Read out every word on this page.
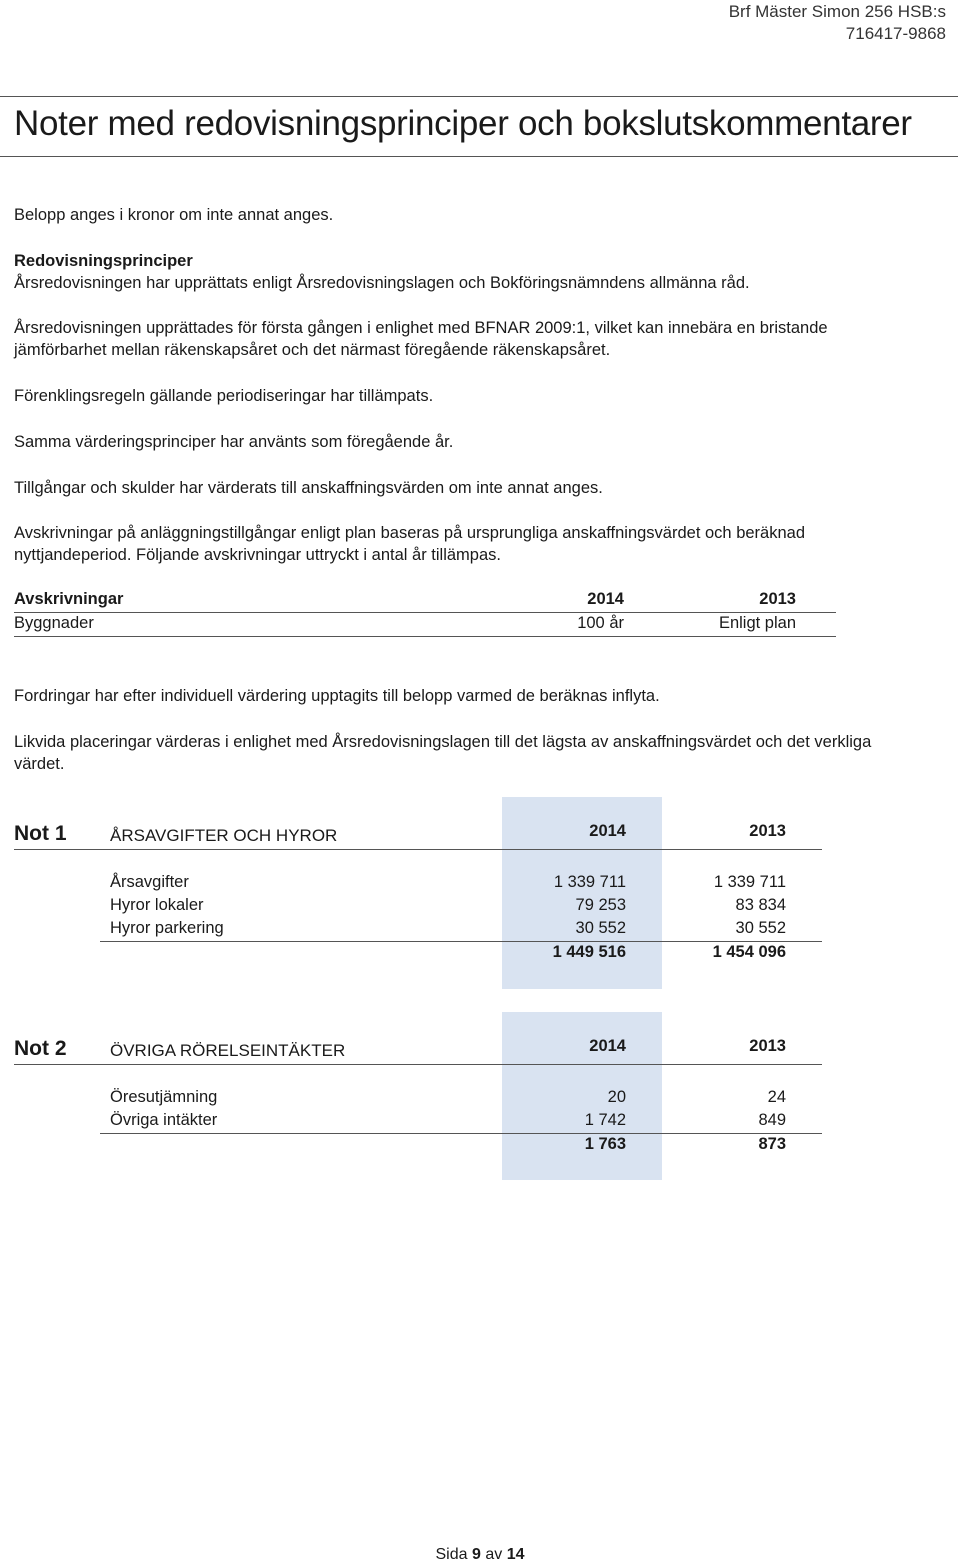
Brf Mäster Simon 256 HSB:s
716417-9868
Noter med redovisningsprinciper och bokslutskommentarer
Belopp anges i kronor om inte annat anges.
Redovisningsprinciper
Årsredovisningen har upprättats enligt Årsredovisningslagen och Bokföringsnämndens allmänna råd.
Årsredovisningen upprättades för första gången i enlighet med BFNAR 2009:1, vilket kan innebära en bristande
jämförbarhet mellan räkenskapsåret och det närmast föregående räkenskapsåret.
Förenklingsregeln gällande periodiseringar har tillämpats.
Samma värderingsprinciper har använts som föregående år.
Tillgångar och skulder har värderats till anskaffningsvärden om inte annat anges.
Avskrivningar på anläggningstillgångar enligt plan baseras på ursprungliga anskaffningsvärdet och beräknad
nyttjandeperiod. Följande avskrivningar uttryckt i antal år tillämpas.
Avskrivningar	2014	2013
Byggnader	100 år	Enligt plan
Fordringar har efter individuell värdering upptagits till belopp varmed de beräknas inflyta.
Likvida placeringar värderas i enlighet med Årsredovisningslagen till det lägsta av anskaffningsvärdet och det verkliga
värdet.
Not 1	ÅRSAVGIFTER OCH HYROR	2014	2013
Årsavgifter	1 339 711	1 339 711
Hyror lokaler	79 253	83 834
Hyror parkering	30 552	30 552
1 449 516	1 454 096
Not 2	ÖVRIGA RÖRELSEINTÄKTER	2014	2013
Öresutjämning	20	24
Övriga intäkter	1 742	849
1 763	873
Sida 9 av 14
